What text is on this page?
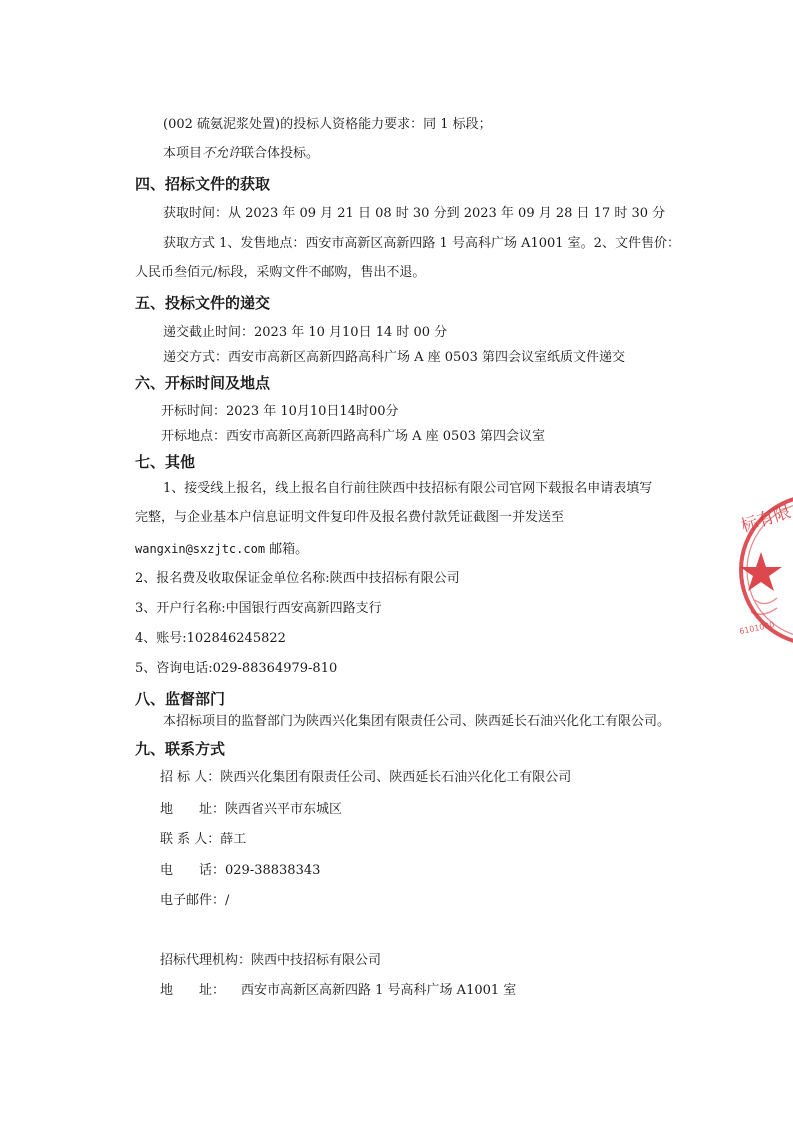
(002 硫氨泥浆处置)的投标人资格能力要求：同 1 标段；
本项目不允许联合体投标。
四、招标文件的获取
获取时间：从 2023 年 09 月 21 日 08 时 30 分到 2023 年 09 月 28 日 17 时 30 分
获取方式 1、发售地点：西安市高新区高新四路 1 号高科广场 A1001 室。2、文件售价：
人民币叁佰元/标段，采购文件不邮购，售出不退。
五、投标文件的递交
递交截止时间：2023 年 10 月10日 14 时 00 分
递交方式：西安市高新区高新四路高科广场 A 座 0503 第四会议室纸质文件递交
六、开标时间及地点
开标时间：2023 年 10月10日14时00分
开标地点：西安市高新区高新四路高科广场 A 座 0503 第四会议室
七、其他
1、接受线上报名，线上报名自行前往陕西中技招标有限公司官网下载报名申请表填写
完整，与企业基本户信息证明文件复印件及报名费付款凭证截图一并发送至
wangxin@sxzjtc.com 邮箱。
2、报名费及收取保证金单位名称:陕西中技招标有限公司
3、开户行名称:中国银行西安高新四路支行
4、账号:102846245822
5、咨询电话:029-88364979-810
八、监督部门
本招标项目的监督部门为陕西兴化集团有限责任公司、陕西延长石油兴化化工有限公司。
九、联系方式
招 标 人：陕西兴化集团有限责任公司、陕西延长石油兴化化工有限公司
地　　址：陕西省兴平市东城区
联 系 人：薛工
电　　话：029-38838343
电子邮件：/
招标代理机构：陕西中技招标有限公司
地　　址： 西安市高新区高新四路 1 号高科广场 A1001 室
标有限
6101000
